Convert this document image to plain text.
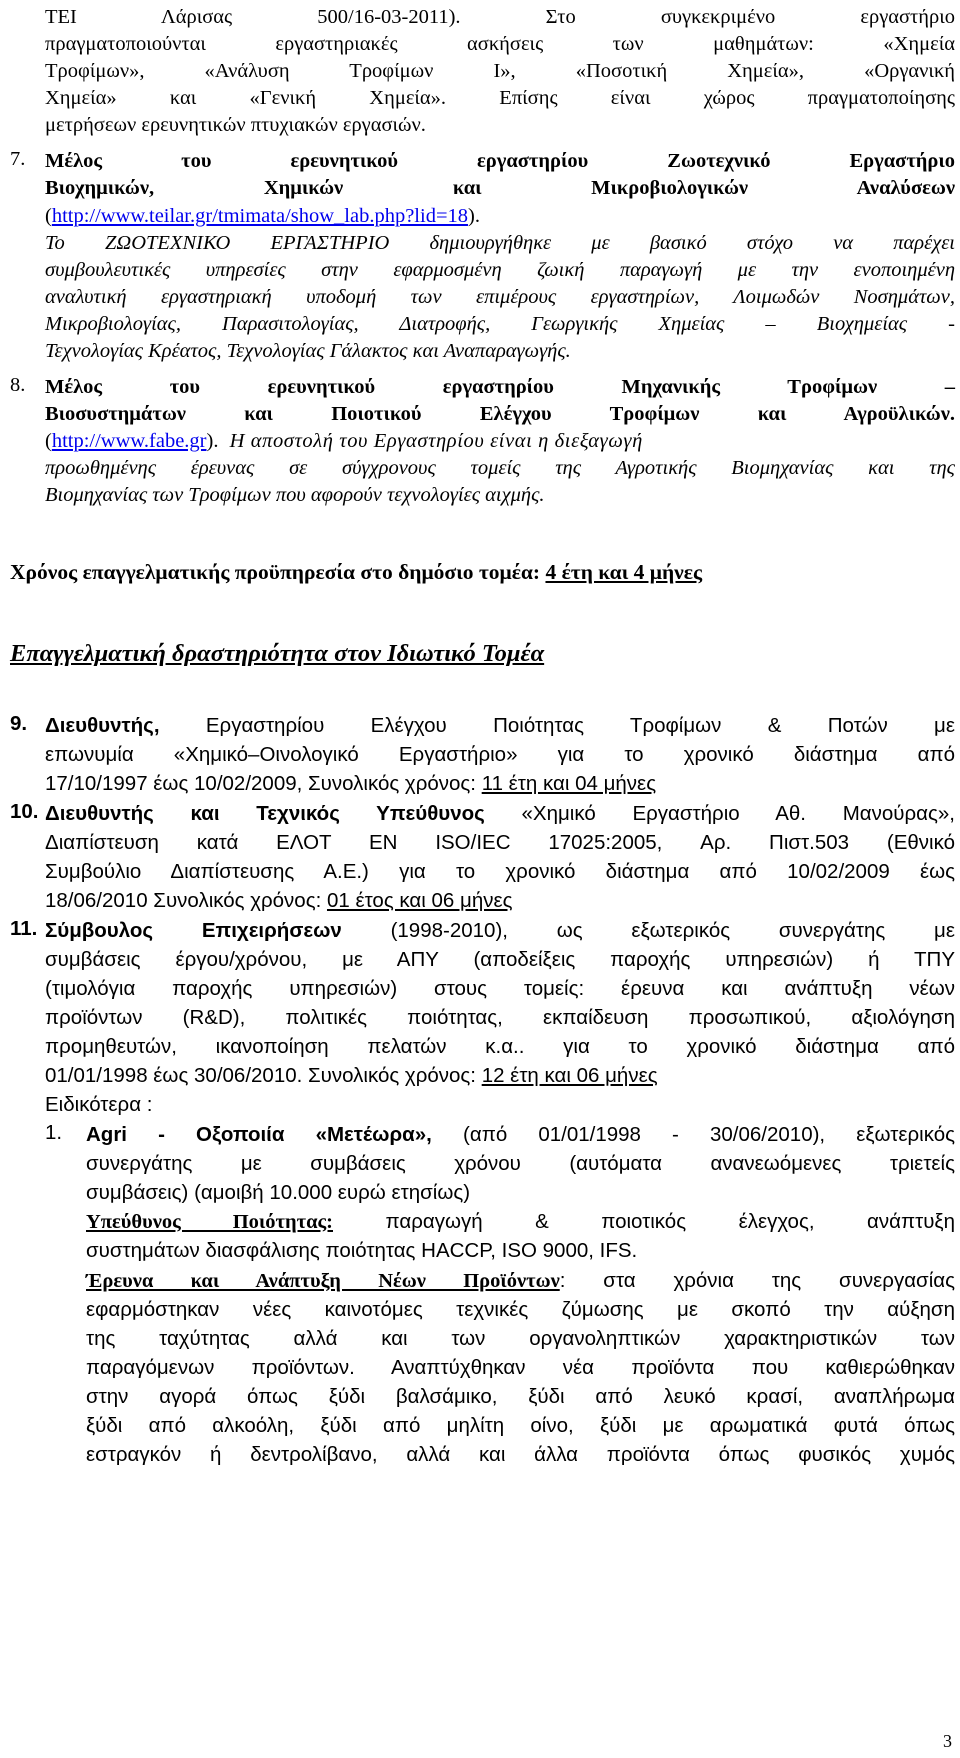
ΤΕΙ Λάρισας 500/16-03-2011). Στο συγκεκριμένο εργαστήριο
πραγματοποιούνται εργαστηριακές ασκήσεις των μαθημάτων: «Χημεία
Τροφίμων», «Ανάλυση Τροφίμων Ι», «Ποσοτική Χημεία», «Οργανική
Χημεία» και «Γενική Χημεία». Επίσης είναι χώρος πραγματοποίησης
μετρήσεων ερευνητικών πτυχιακών εργασιών.
7. Μέλος του ερευνητικού εργαστηρίου Ζωοτεχνικό Εργαστήριο
Βιοχημικών, Χημικών και Μικροβιολογικών Αναλύσεων
(http://www.teilar.gr/tmimata/show_lab.php?lid=18).
Το ΖΩΟΤΕΧΝΙΚΟ ΕΡΓΑΣΤΗΡΙΟ δημιουργήθηκε με βασικό στόχο να παρέχει
συμβουλευτικές υπηρεσίες στην εφαρμοσμένη ζωική παραγωγή με την ενοποιημένη
αναλυτική εργαστηριακή υποδομή των επιμέρους εργαστηρίων, Λοιμωδών Νοσημάτων,
Μικροβιολογίας, Παρασιτολογίας, Διατροφής, Γεωργικής Χημείας – Βιοχημείας -
Τεχνολογίας Κρέατος, Τεχνολογίας Γάλακτος και Αναπαραγωγής.
8. Μέλος του ερευνητικού εργαστηρίου Μηχανικής Τροφίμων –
Βιοσυστημάτων και Ποιοτικού Ελέγχου Τροφίμων και Αγροϋλικών.
(http://www.fabe.gr). Η αποστολή του Εργαστηρίου είναι η διεξαγωγή
προωθημένης έρευνας σε σύγχρονους τομείς της Αγροτικής Βιομηχανίας και της
Βιομηχανίας των Τροφίμων που αφορούν τεχνολογίες αιχμής.
Χρόνος επαγγελματικής προϋπηρεσία στο δημόσιο τομέα: 4 έτη και 4 μήνες
Επαγγελματική δραστηριότητα στον Ιδιωτικό Τομέα
9. Διευθυντής, Εργαστηρίου Ελέγχου Ποιότητας Τροφίμων & Ποτών με
επωνυμία «Χημικό–Οινολογικό Εργαστήριο» για το χρονικό διάστημα από
17/10/1997 έως 10/02/2009, Συνολικός χρόνος: 11 έτη και 04 μήνες
10. Διευθυντής και Τεχνικός Υπεύθυνος «Χημικό Εργαστήριο Αθ. Μανούρας»,
Διαπίστευση κατά ΕΛΟΤ ΕΝ ISO/IEC 17025:2005, Αρ. Πιστ.503 (Εθνικό
Συμβούλιο Διαπίστευσης Α.Ε.) για το χρονικό διάστημα από 10/02/2009 έως
18/06/2010 Συνολικός χρόνος: 01 έτος και 06 μήνες
11. Σύμβουλος Επιχειρήσεων (1998-2010), ως εξωτερικός συνεργάτης με
συμβάσεις έργου/χρόνου, με ΑΠΥ (αποδείξεις παροχής υπηρεσιών) ή ΤΠΥ
(τιμολόγια παροχής υπηρεσιών) στους τομείς: έρευνα και ανάπτυξη νέων
προϊόντων (R&D), πολιτικές ποιότητας, εκπαίδευση προσωπικού, αξιολόγηση
προμηθευτών, ικανοποίηση πελατών κ.α.. για το χρονικό διάστημα από
01/01/1998 έως 30/06/2010. Συνολικός χρόνος: 12 έτη και 06 μήνες
Ειδικότερα :
1. Agri - Οξοποιία «Μετέωρα», (από 01/01/1998 - 30/06/2010), εξωτερικός
συνεργάτης με συμβάσεις χρόνου (αυτόματα ανανεωόμενες τριετείς
συμβάσεις) (αμοιβή 10.000 ευρώ ετησίως)
Υπεύθυνος Ποιότητας:	παραγωγή & ποιοτικός έλεγχος, ανάπτυξη
συστημάτων διασφάλισης ποιότητας HACCP, ISO 9000, IFS.
Έρευνα και Ανάπτυξη Νέων Προϊόντων: στα χρόνια της συνεργασίας
εφαρμόστηκαν νέες καινοτόμες τεχνικές ζύμωσης με σκοπό την αύξηση
της ταχύτητας αλλά και των οργανοληπτικών χαρακτηριστικών των
παραγόμενων προϊόντων. Αναπτύχθηκαν νέα προϊόντα που καθιερώθηκαν
στην αγορά όπως ξύδι βαλσάμικο, ξύδι από λευκό κρασί, αναπλήρωμα
ξύδι από αλκοόλη, ξύδι από μηλίτη οίνο, ξύδι με αρωματικά φυτά όπως
εστραγκόν ή δεντρολίβανο, αλλά και άλλα προϊόντα όπως φυσικός χυμός
3
